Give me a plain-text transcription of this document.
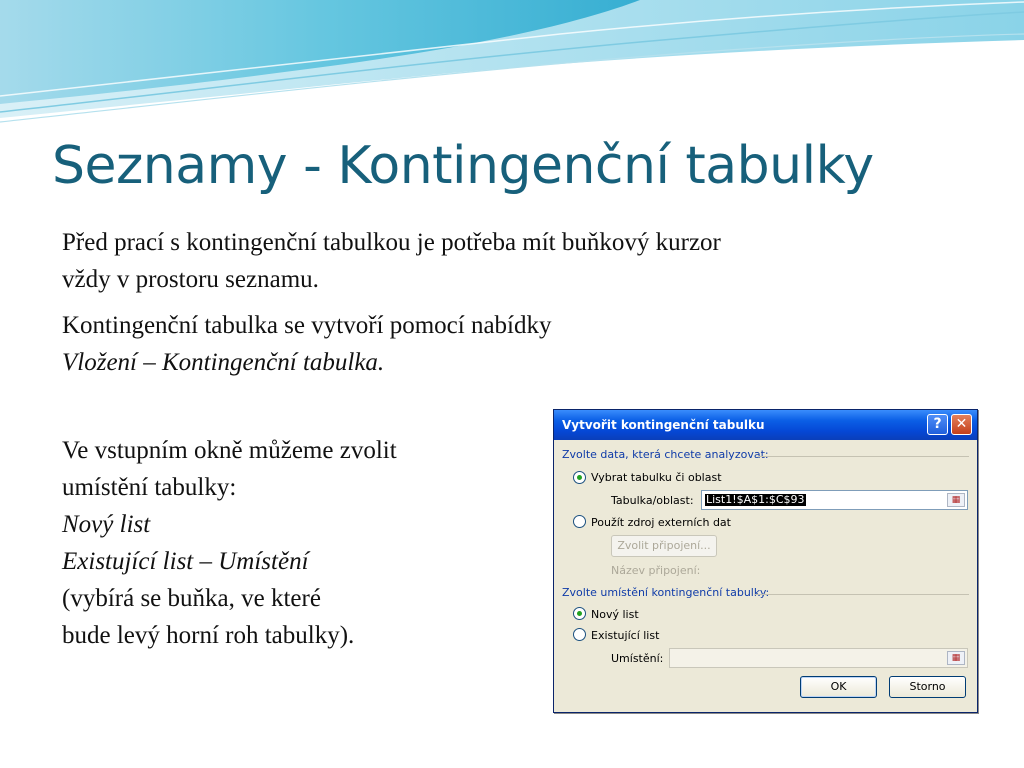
Seznamy - Kontingenční tabulky

Před prací s kontingenční tabulkou je potřeba mít buňkový kurzor
vždy v prostoru seznamu.

Kontingenční tabulka se vytvoří pomocí nabídky
Vložení – Kontingenční tabulka.

Ve vstupním okně můžeme zvolit
umístění tabulky:
Nový list
Existující list – Umístění
(vybírá se buňka, ve které
bude levý horní roh tabulky).

Vytvořit kontingenční tabulku	?	✕
Zvolte data, která chcete analyzovat:
Vybrat tabulku či oblast
Tabulka/oblast: List1!$A$1:$C$93	▦
Použít zdroj externích dat
Zvolit připojení...
Název připojení:
Zvolte umístění kontingenční tabulky:
Nový list
Existující list
Umístění:	▦
OK	Storno
